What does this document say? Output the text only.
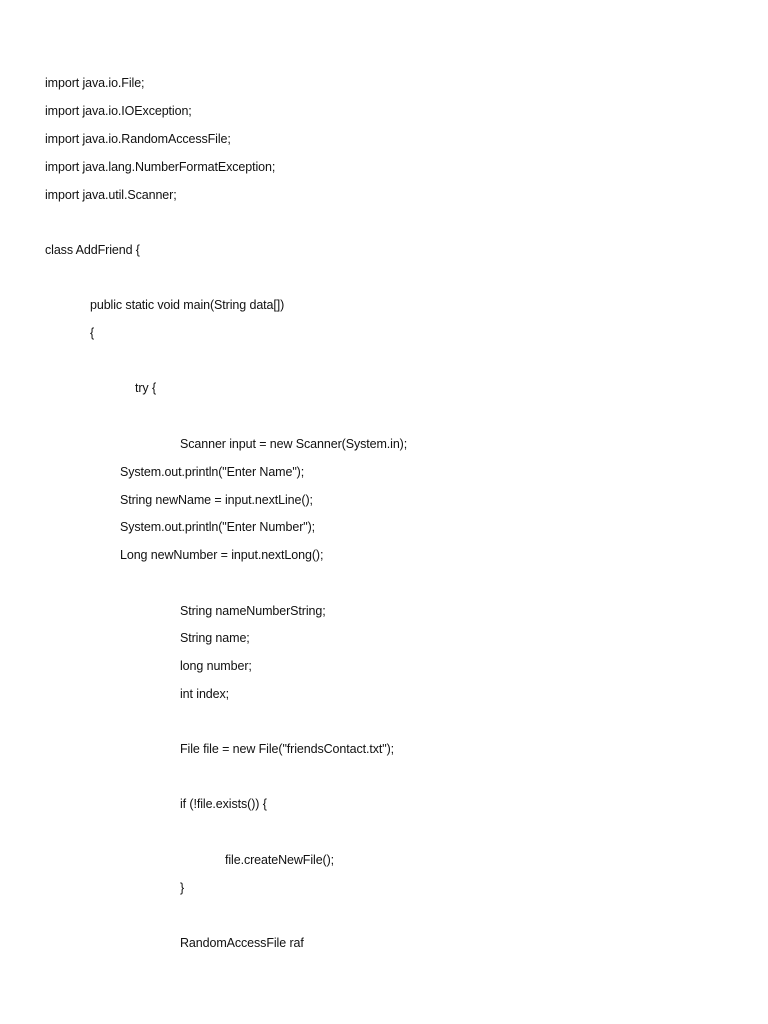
import java.io.File;

import java.io.IOException;

import java.io.RandomAccessFile;

import java.lang.NumberFormatException;

import java.util.Scanner;

class AddFriend {

public static void main(String data[])

{

try {

Scanner input = new Scanner(System.in);

System.out.println("Enter Name");

String newName = input.nextLine();

System.out.println("Enter Number");

Long newNumber = input.nextLong();

String nameNumberString;

String name;

long number;

int index;

File file = new File("friendsContact.txt");

if (!file.exists()) {

file.createNewFile();

}

RandomAccessFile raf
